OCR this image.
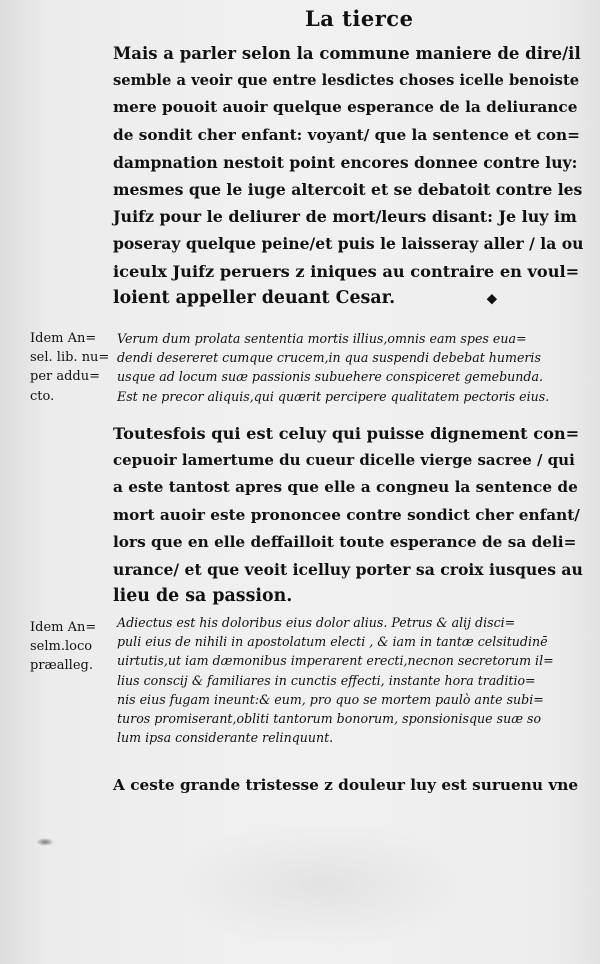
La tierce
Mais a parler selon la commune maniere de dire/il
semble a veoir que entre lesdictes choses icelle benoiste
mere pouoit auoir quelque esperance de la deliurance
de sondit cher enfant: voyant/ que la sentence et con=
dampnation nestoit point encores donnee contre luy:
mesmes que le iuge altercoit et se debatoit contre les
Juifz pour le deliurer de mort/leurs disant: Je luy im
poseray quelque peine/et puis le laisseray aller / la ou
iceulx Juifz peruers z iniques au contraire en voul=
loient appeller deuant Cesar.	⬥
Idem An=
sel. lib. nu=
per addu=
cto.
Verum dum prolata sententia mortis illius,omnis eam spes eua=
dendi desereret cumque crucem,in qua suspendi debebat humeris
usque ad locum suæ passionis subuehere conspiceret gemebunda.
Est ne precor aliquis,qui quærit percipere qualitatem pectoris eius.
Toutesfois qui est celuy qui puisse dignement con=
cepuoir lamertume du cueur dicelle vierge sacree / qui
a este tantost apres que elle a congneu la sentence de
mort auoir este prononcee contre sondict cher enfant/
lors que en elle deffailloit toute esperance de sa deli=
urance/ et que veoit icelluy porter sa croix iusques au
lieu de sa passion.
Idem An=
selm.loco
præalleg.
Adiectus est his doloribus eius dolor alius. Petrus & alij disci=
puli eius de nihili in apostolatum electi , & iam in tantæ celsitudinē
uirtutis,ut iam dæmonibus imperarent erecti,necnon secretorum il=
lius conscij & familiares in cunctis effecti, instante hora traditio=
nis eius fugam ineunt:& eum, pro quo se mortem paulò ante subi=
turos promiserant,obliti tantorum bonorum, sponsionisque suæ so
lum ipsa considerante relinquunt.
A ceste grande tristesse z douleur luy est suruenu vne
